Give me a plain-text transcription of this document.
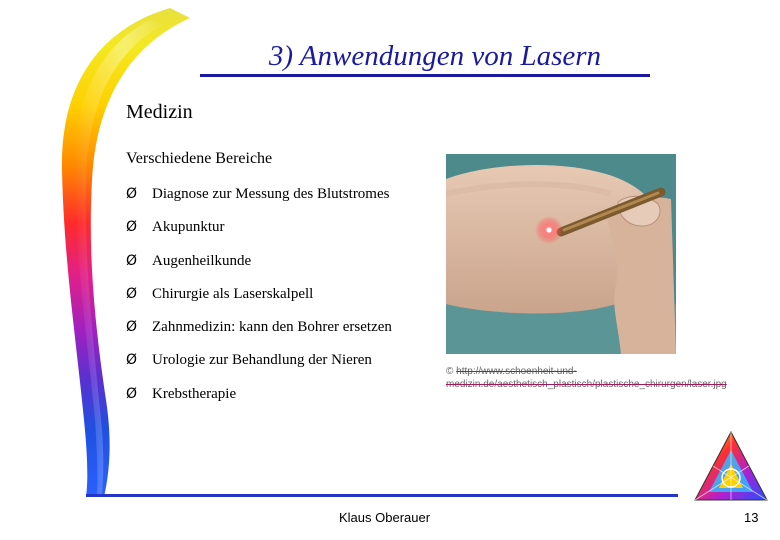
3) Anwendungen von Lasern
Medizin
Verschiedene Bereiche
Ø Diagnose zur Messung des Blutstromes
Ø Akupunktur
Ø Augenheilkunde
Ø Chirurgie als Laserskalpell
Ø Zahnmedizin: kann den Bohrer ersetzen
Ø Urologie zur Behandlung der Nieren
Ø Krebstherapie
© http://www.schoenheit-und-medizin.de/aesthetisch_plastisch/plastische_chirurgen/laser.jpg
Klaus Oberauer	13
